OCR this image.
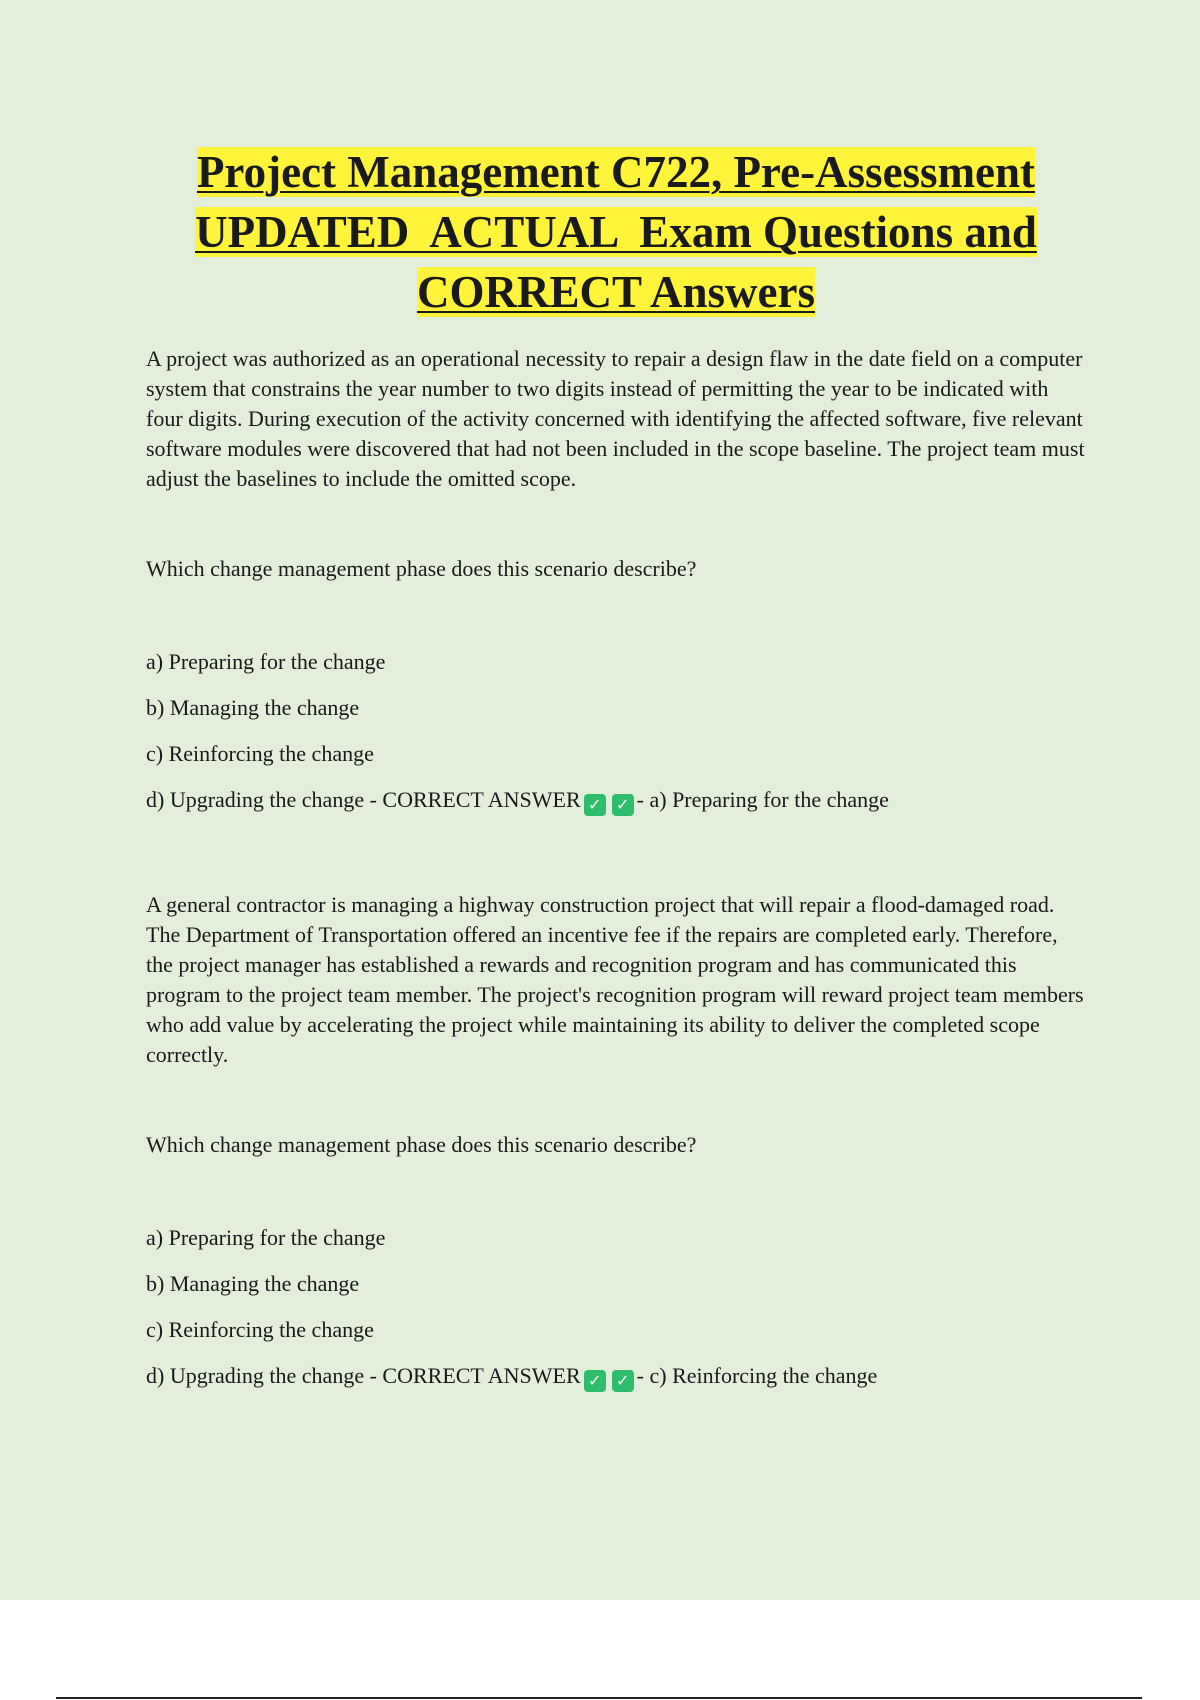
Project Management C722, Pre-Assessment
UPDATED  ACTUAL  Exam Questions and
CORRECT Answers

A project was authorized as an operational necessity to repair a design flaw in the date field on a computer system that constrains the year number to two digits instead of permitting the year to be indicated with four digits. During execution of the activity concerned with identifying the affected software, five relevant software modules were discovered that had not been included in the scope baseline. The project team must adjust the baselines to include the omitted scope.

Which change management phase does this scenario describe?

a) Preparing for the change
b) Managing the change
c) Reinforcing the change

d) Upgrading the change - CORRECT ANSWER ✓ ✓ - a) Preparing for the change

A general contractor is managing a highway construction project that will repair a flood-damaged road. The Department of Transportation offered an incentive fee if the repairs are completed early. Therefore, the project manager has established a rewards and recognition program and has communicated this program to the project team member. The project's recognition program will reward project team members who add value by accelerating the project while maintaining its ability to deliver the completed scope correctly.

Which change management phase does this scenario describe?

a) Preparing for the change
b) Managing the change
c) Reinforcing the change

d) Upgrading the change - CORRECT ANSWER ✓ ✓ - c) Reinforcing the change
